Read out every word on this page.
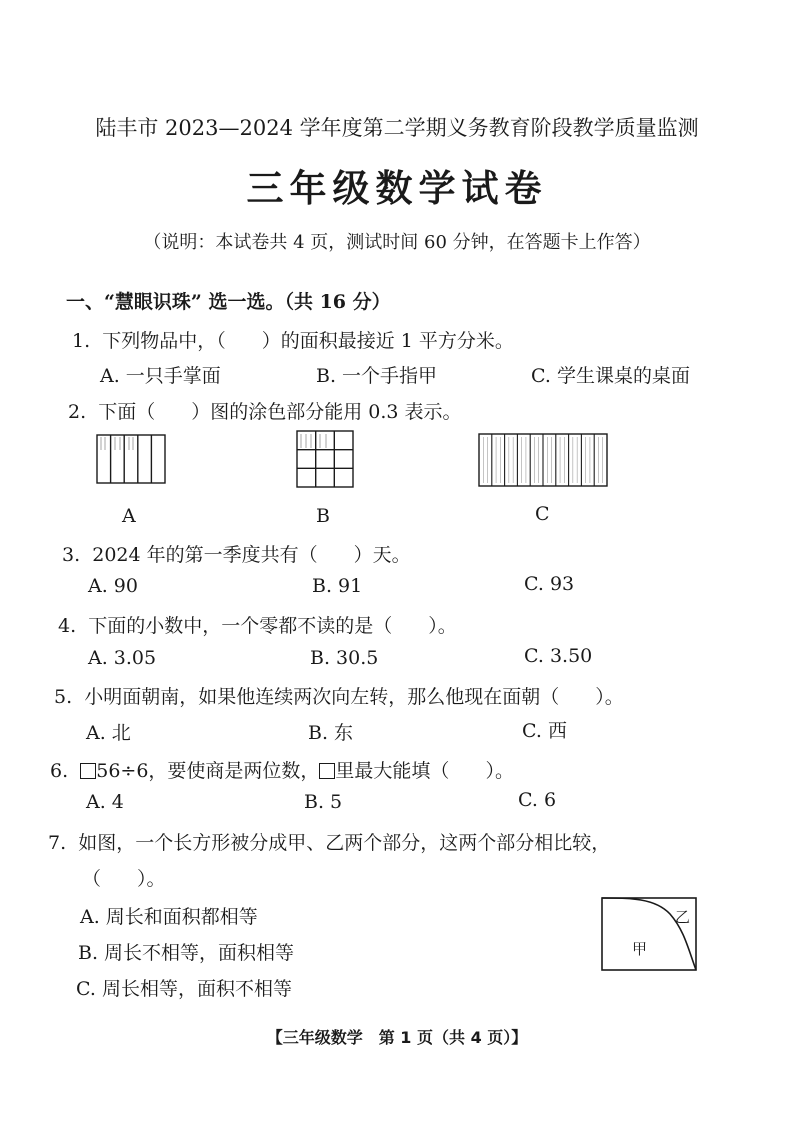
陆丰市 2023—2024 学年度第二学期义务教育阶段教学质量监测
三年级数学试卷
（说明：本试卷共 4 页，测试时间 60 分钟，在答题卡上作答）
一、“慧眼识珠” 选一选。（共 16 分）
1. 下列物品中，（ ）的面积最接近 1 平方分米。
A. 一只手掌面	B. 一个手指甲	C. 学生课桌的桌面
2. 下面（ ）图的涂色部分能用 0.3 表示。
A	B	C
3. 2024 年的第一季度共有（ ）天。
A. 90	B. 91	C. 93
4. 下面的小数中，一个零都不读的是（ ）。
A. 3.05	B. 30.5	C. 3.50
5. 小明面朝南，如果他连续两次向左转，那么他现在面朝（ ）。
A. 北	B. 东	C. 西
6. 56÷6，要使商是两位数， 里最大能填（ ）。
A. 4	B. 5	C. 6
7. 如图，一个长方形被分成甲、乙两个部分，这两个部分相比较，
（ ）。
A. 周长和面积都相等
B. 周长不相等，面积相等
C. 周长相等，面积不相等
甲
乙
【三年级数学　第 1 页（共 4 页）】
